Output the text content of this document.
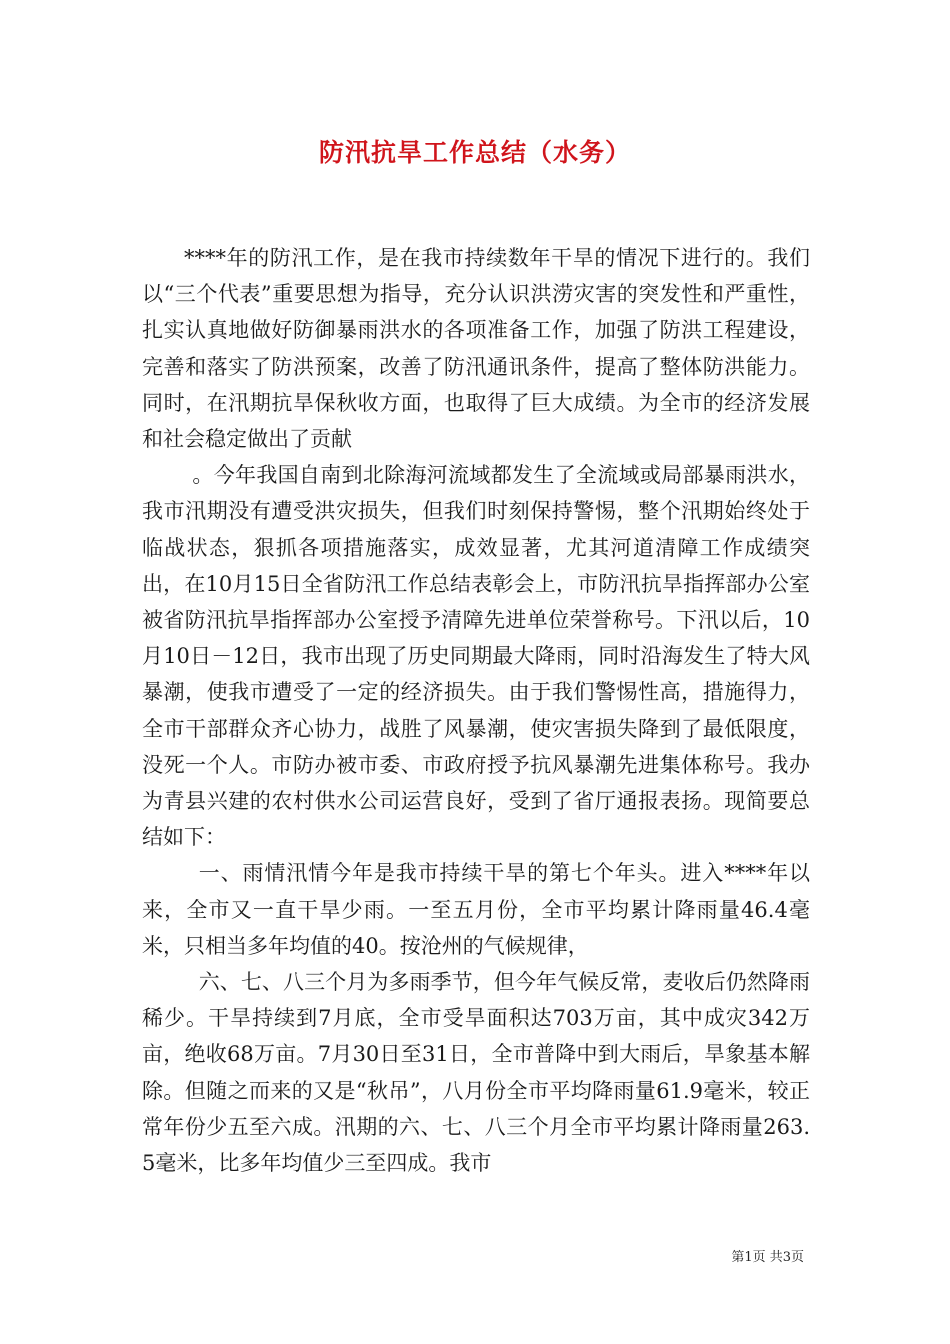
防汛抗旱工作总结（水务）

****年的防汛工作，是在我市持续数年干旱的情况下进行的。我们以“三个代表”重要思想为指导，充分认识洪涝灾害的突发性和严重性，扎实认真地做好防御暴雨洪水的各项准备工作，加强了防洪工程建设，完善和落实了防洪预案，改善了防汛通讯条件，提高了整体防洪能力。同时，在汛期抗旱保秋收方面，也取得了巨大成绩。为全市的经济发展和社会稳定做出了贡献

。今年我国自南到北除海河流域都发生了全流域或局部暴雨洪水，我市汛期没有遭受洪灾损失，但我们时刻保持警惕，整个汛期始终处于临战状态，狠抓各项措施落实，成效显著，尤其河道清障工作成绩突出，在10月15日全省防汛工作总结表彰会上，市防汛抗旱指挥部办公室被省防汛抗旱指挥部办公室授予清障先进单位荣誉称号。下汛以后，10月10日－12日，我市出现了历史同期最大降雨，同时沿海发生了特大风暴潮，使我市遭受了一定的经济损失。由于我们警惕性高，措施得力，全市干部群众齐心协力，战胜了风暴潮，使灾害损失降到了最低限度，没死一个人。市防办被市委、市政府授予抗风暴潮先进集体称号。我办为青县兴建的农村供水公司运营良好，受到了省厅通报表扬。现简要总结如下：

一、雨情汛情今年是我市持续干旱的第七个年头。进入****年以来，全市又一直干旱少雨。一至五月份，全市平均累计降雨量46.4毫米，只相当多年均值的40。按沧州的气候规律，

六、七、八三个月为多雨季节，但今年气候反常，麦收后仍然降雨稀少。干旱持续到7月底，全市受旱面积达703万亩，其中成灾342万亩，绝收68万亩。7月30日至31日，全市普降中到大雨后，旱象基本解除。但随之而来的又是“秋吊”，八月份全市平均降雨量61.9毫米，较正常年份少五至六成。汛期的六、七、八三个月全市平均累计降雨量263.5毫米，比多年均值少三至四成。我市

第1页 共3页
